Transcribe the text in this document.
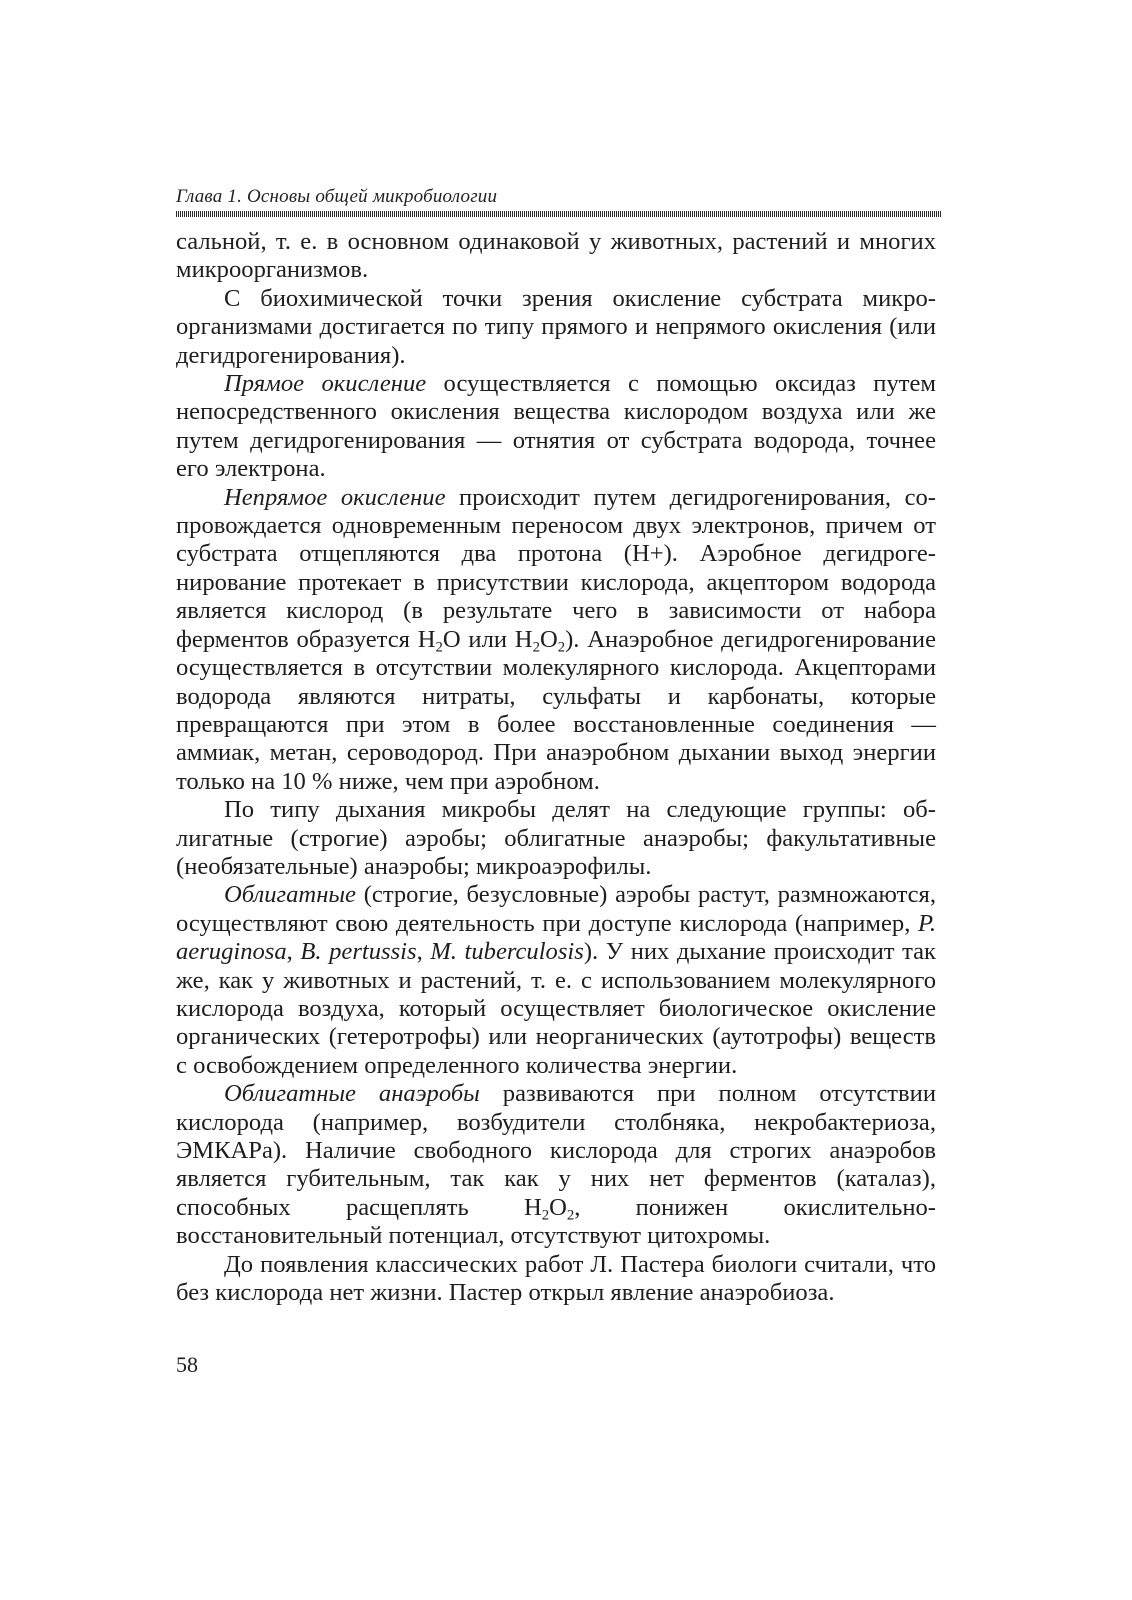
Глава 1. Основы общей микробиологии

сальной, т. е. в основном одинаковой у животных, растений и многих микроорганизмов.

С биохимической точки зрения окисление субстрата микроорганизмами достигается по типу прямого и непрямого окисления (или дегидрогенирования).

Прямое окисление осуществляется с помощью оксидаз путем непосредственного окисления вещества кислородом воздуха или же путем дегидрогенирования — отнятия от субстрата водорода, точнее его электрона.

Непрямое окисление происходит путем дегидрогенирования, сопровождается одновременным переносом двух электронов, причем от субстрата отщепляются два протона (Н+). Аэробное дегидрогенирование протекает в присутствии кислорода, акцептором водорода является кислород (в результате чего в зависимости от набора ферментов образуется $Н_2О$ или $Н_2О_2$). Анаэробное дегидрогенирование осуществляется в отсутствии молекулярного кислорода. Акцепторами водорода являются нитраты, сульфаты и карбонаты, которые превращаются при этом в более восстановленные соединения — аммиак, метан, сероводород. При анаэробном дыхании выход энергии только на 10 % ниже, чем при аэробном.

По типу дыхания микробы делят на следующие группы: облигатные (строгие) аэробы; облигатные анаэробы; факультативные (необязательные) анаэробы; микроаэрофилы.

Облигатные (строгие, безусловные) аэробы растут, размножаются, осуществляют свою деятельность при доступе кислорода (например, P. aeruginosa, B. pertussis, M. tuberculosis). У них дыхание происходит так же, как у животных и растений, т. е. с использованием молекулярного кислорода воздуха, который осуществляет биологическое окисление органических (гетеротрофы) или неорганических (аутотрофы) веществ с освобождением определенного количества энергии.

Облигатные анаэробы развиваются при полном отсутствии кислорода (например, возбудители столбняка, некробактериоза, ЭМКАРа). Наличие свободного кислорода для строгих анаэробов является губительным, так как у них нет ферментов (каталаз), способных расщеплять $Н_2О_2$, понижен окислительно-восстановительный потенциал, отсутствуют цитохромы.

До появления классических работ Л. Пастера биологи считали, что без кислорода нет жизни. Пастер открыл явление анаэробиоза.

58
